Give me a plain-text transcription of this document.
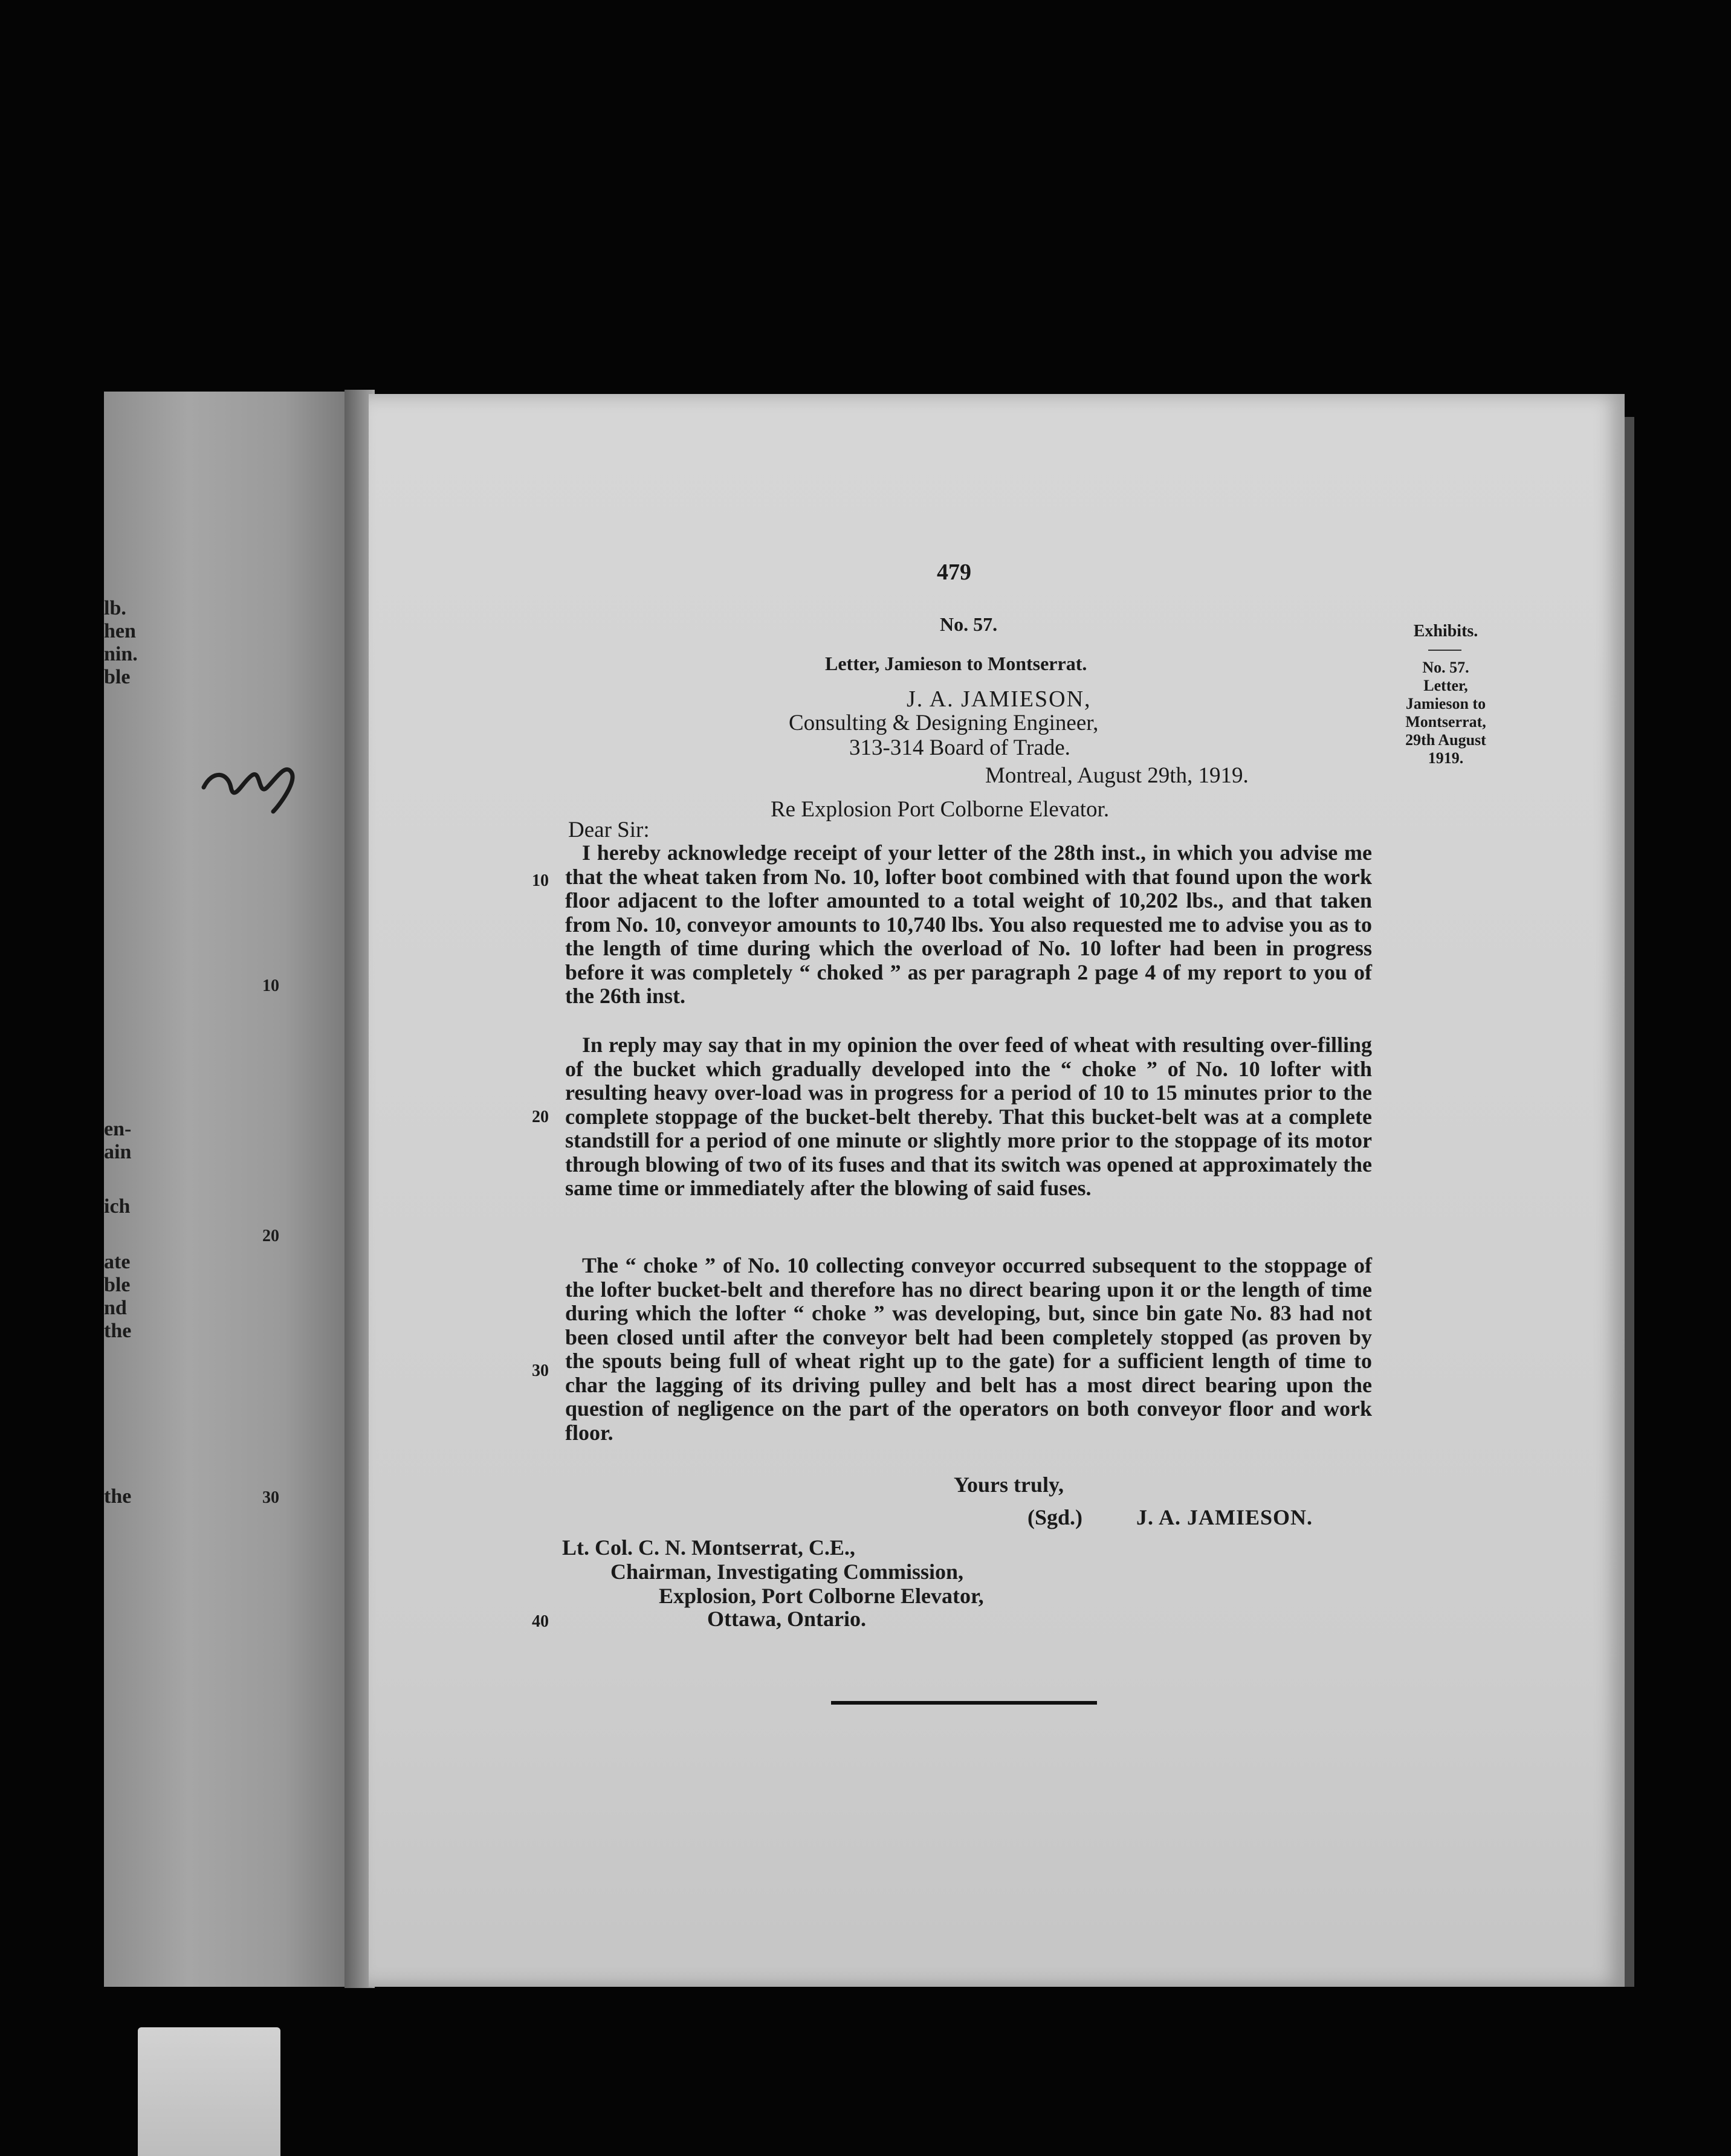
lb.
hen
nin.
ble
10
en-
ain
ich
20
ate
ble
nd
the
the	30
479
No. 57.
Letter, Jamieson to Montserrat.
J. A. JAMIESON,
Consulting & Designing Engineer,
313-314 Board of Trade.
Montreal, August 29th, 1919.
Re Explosion Port Colborne Elevator.
Dear Sir:

I hereby acknowledge receipt of your letter of the 28th inst., in which you advise me that the wheat taken from No. 10, lofter boot combined with that found upon the work floor adjacent to the lofter amounted to a total weight of 10,202 lbs., and that taken from No. 10, conveyor amounts to 10,740 lbs. You also requested me to advise you as to the length of time during which the overload of No. 10 lofter had been in progress before it was completely “ choked ” as per paragraph 2 page 4 of my report to you of the 26th inst.

In reply may say that in my opinion the over feed of wheat with resulting over-filling of the bucket which gradually developed into the “ choke ” of No. 10 lofter with resulting heavy over-load was in progress for a period of 10 to 15 minutes prior to the complete stoppage of the bucket-belt thereby. That this bucket-belt was at a complete standstill for a period of one minute or slightly more prior to the stoppage of its motor through blowing of two of its fuses and that its switch was opened at approximately the same time or immediately after the blowing of said fuses.

The “ choke ” of No. 10 collecting conveyor occurred subsequent to the stoppage of the lofter bucket-belt and therefore has no direct bearing upon it or the length of time during which the lofter “ choke ” was developing, but, since bin gate No. 83 had not been closed until after the conveyor belt had been completely stopped (as proven by the spouts being full of wheat right up to the gate) for a sufficient length of time to char the lagging of its driving pulley and belt has a most direct bearing upon the question of negligence on the part of the operators on both conveyor floor and work floor.

10
20
30
40
Yours truly,
(Sgd.) J. A. JAMIESON.
Lt. Col. C. N. Montserrat, C.E.,
Chairman, Investigating Commission,
Explosion, Port Colborne Elevator,
Ottawa, Ontario.
Exhibits.
No. 57.
Letter,
Jamieson to
Montserrat,
29th August
1919.
